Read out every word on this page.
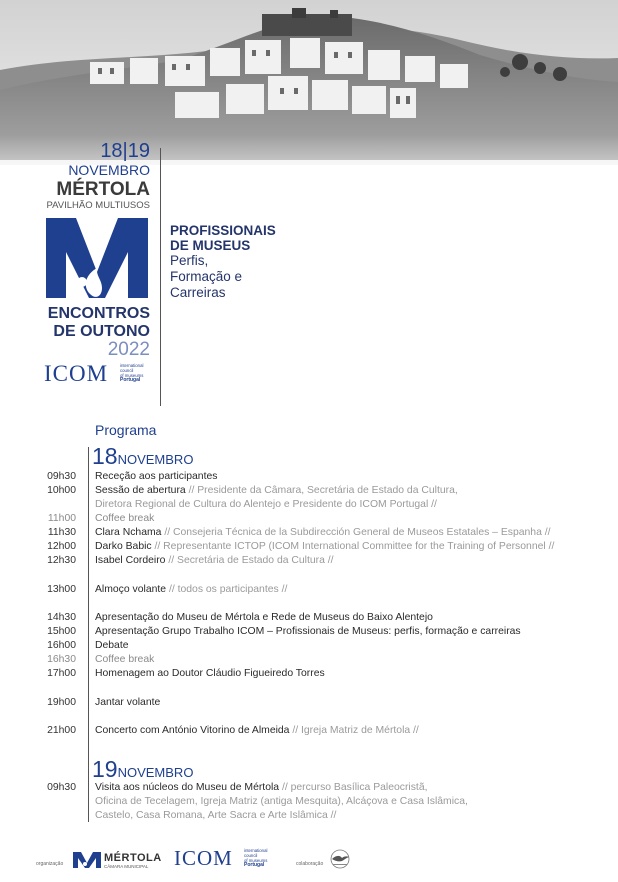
18|19
NOVEMBRO
MÉRTOLA
PAVILHÃO MULTIUSOS
ENCONTROS
DE OUTONO
2022
ICOM	international
council
of museums
Portugal
PROFISSIONAIS
DE MUSEUS
Perfis,
Formação e
Carreiras
Programa
18NOVEMBRO
19NOVEMBRO
09h30 Receção aos participantes
10h00 Sessão de abertura // Presidente da Câmara, Secretária de Estado da Cultura,
Diretora Regional de Cultura do Alentejo e Presidente do ICOM Portugal //
11h00 Coffee break
11h30 Clara Nchama // Consejeria Técnica de la Subdirección General de Museos Estatales – Espanha //
12h00 Darko Babic // Representante ICTOP (ICOM International Committee for the Training of Personnel //
12h30 Isabel Cordeiro // Secretária de Estado da Cultura //
13h00 Almoço volante // todos os participantes //
14h30 Apresentação do Museu de Mértola e Rede de Museus do Baixo Alentejo
15h00 Apresentação Grupo Trabalho ICOM – Profissionais de Museus: perfis, formação e carreiras
16h00 Debate
16h30 Coffee break
17h00 Homenagem ao Doutor Cláudio Figueiredo Torres
19h00 Jantar volante
21h00 Concerto com António Vitorino de Almeida // Igreja Matriz de Mértola //
09h30 Visita aos núcleos do Museu de Mértola // percurso Basílica Paleocristã,
Oficina de Tecelagem, Igreja Matriz (antiga Mesquita), Alcáçova e Casa Islâmica,
Castelo, Casa Romana, Arte Sacra e Arte Islâmica //
organização	MÉRTOLA
CÂMARA MUNICIPAL ICOM	international
council
of museums
Portugal	colaboração
